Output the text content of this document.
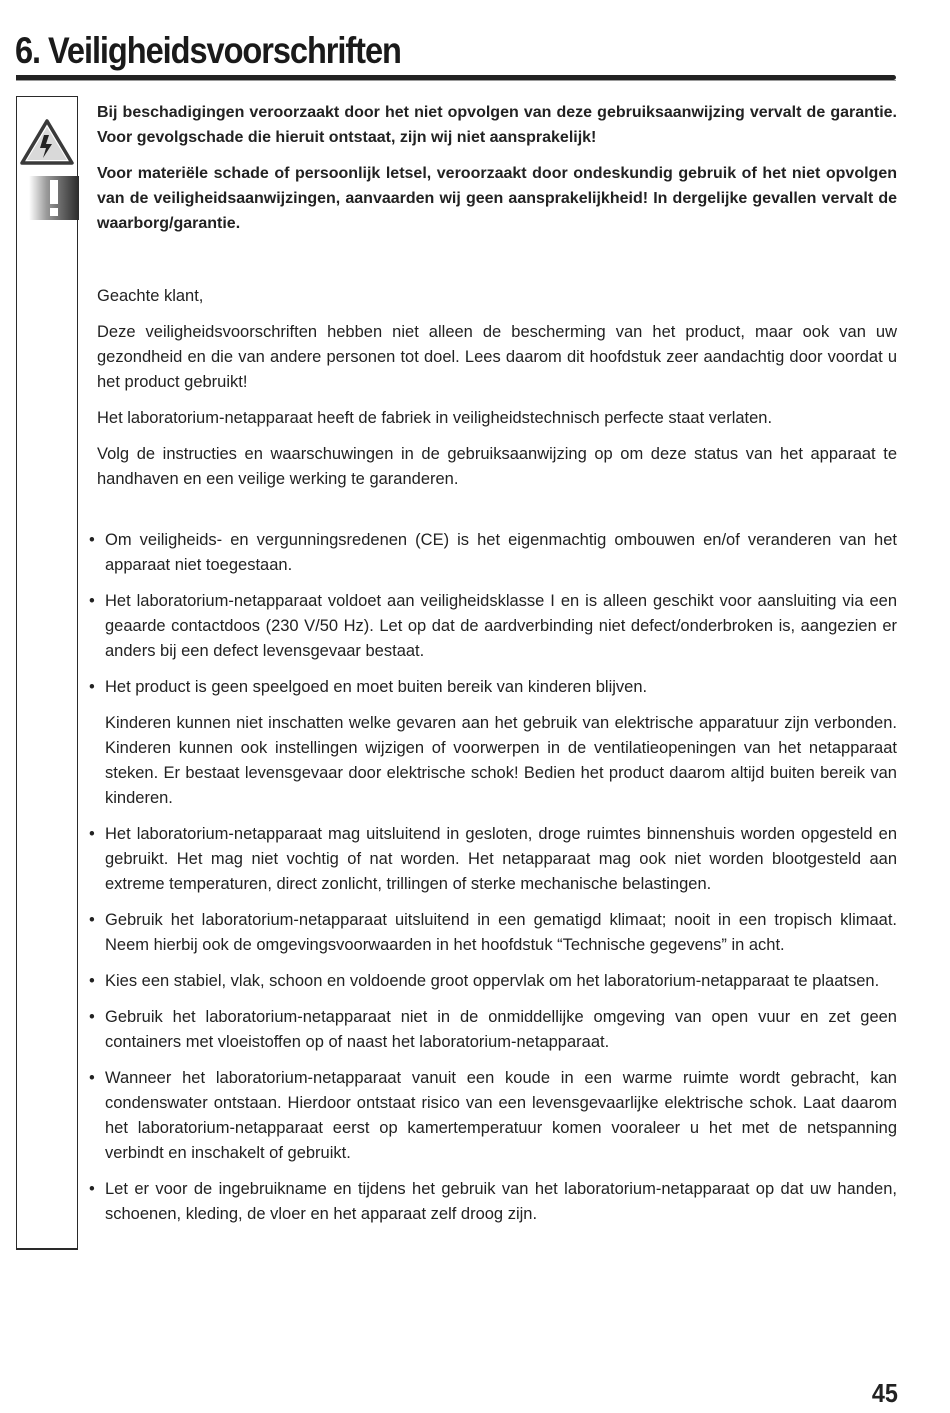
6. Veiligheidsvoorschriften

Bij beschadigingen veroorzaakt door het niet opvolgen van deze gebruiksaanwijzing vervalt de garantie. Voor gevolgschade die hieruit ontstaat, zijn wij niet aansprakelijk!

Voor materiële schade of persoonlijk letsel, veroorzaakt door ondeskundig gebruik of het niet opvolgen van de veiligheidsaanwijzingen, aanvaarden wij geen aansprakelijkheid! In dergelijke gevallen vervalt de waarborg/garantie.

Geachte klant,

Deze veiligheidsvoorschriften hebben niet alleen de bescherming van het product, maar ook van uw gezondheid en die van andere personen tot doel. Lees daarom dit hoofdstuk zeer aandachtig door voordat u het product gebruikt!

Het laboratorium-netapparaat heeft de fabriek in veiligheidstechnisch perfecte staat verlaten.

Volg de instructies en waarschuwingen in de gebruiksaanwijzing op om deze status van het apparaat te handhaven en een veilige werking te garanderen.

• Om veiligheids- en vergunningsredenen (CE) is het eigenmachtig ombouwen en/of veranderen van het apparaat niet toegestaan.
• Het laboratorium-netapparaat voldoet aan veiligheidsklasse I en is alleen geschikt voor aansluiting via een geaarde contactdoos (230 V/50 Hz). Let op dat de aardverbinding niet defect/onderbroken is, aangezien er anders bij een defect levensgevaar bestaat.
• Het product is geen speelgoed en moet buiten bereik van kinderen blijven.
Kinderen kunnen niet inschatten welke gevaren aan het gebruik van elektrische apparatuur zijn verbonden. Kinderen kunnen ook instellingen wijzigen of voorwerpen in de ventilatieopeningen van het netapparaat steken. Er bestaat levensgevaar door elektrische schok! Bedien het product daarom altijd buiten bereik van kinderen.
• Het laboratorium-netapparaat mag uitsluitend in gesloten, droge ruimtes binnenshuis worden opgesteld en gebruikt. Het mag niet vochtig of nat worden. Het netapparaat mag ook niet worden blootgesteld aan extreme temperaturen, direct zonlicht, trillingen of sterke mechanische belastingen.
• Gebruik het laboratorium-netapparaat uitsluitend in een gematigd klimaat; nooit in een tropisch klimaat. Neem hierbij ook de omgevingsvoorwaarden in het hoofdstuk “Technische gegevens” in acht.
• Kies een stabiel, vlak, schoon en voldoende groot oppervlak om het laboratorium-netapparaat te plaatsen.
• Gebruik het laboratorium-netapparaat niet in de onmiddellijke omgeving van open vuur en zet geen containers met vloeistoffen op of naast het laboratorium-netapparaat.
• Wanneer het laboratorium-netapparaat vanuit een koude in een warme ruimte wordt gebracht, kan condenswater ontstaan. Hierdoor ontstaat risico van een levensgevaarlijke elektrische schok. Laat daarom het laboratorium-netapparaat eerst op kamertemperatuur komen vooraleer u het met de netspanning verbindt en inschakelt of gebruikt.
• Let er voor de ingebruikname en tijdens het gebruik van het laboratorium-netapparaat op dat uw handen, schoenen, kleding, de vloer en het apparaat zelf droog zijn.
45
